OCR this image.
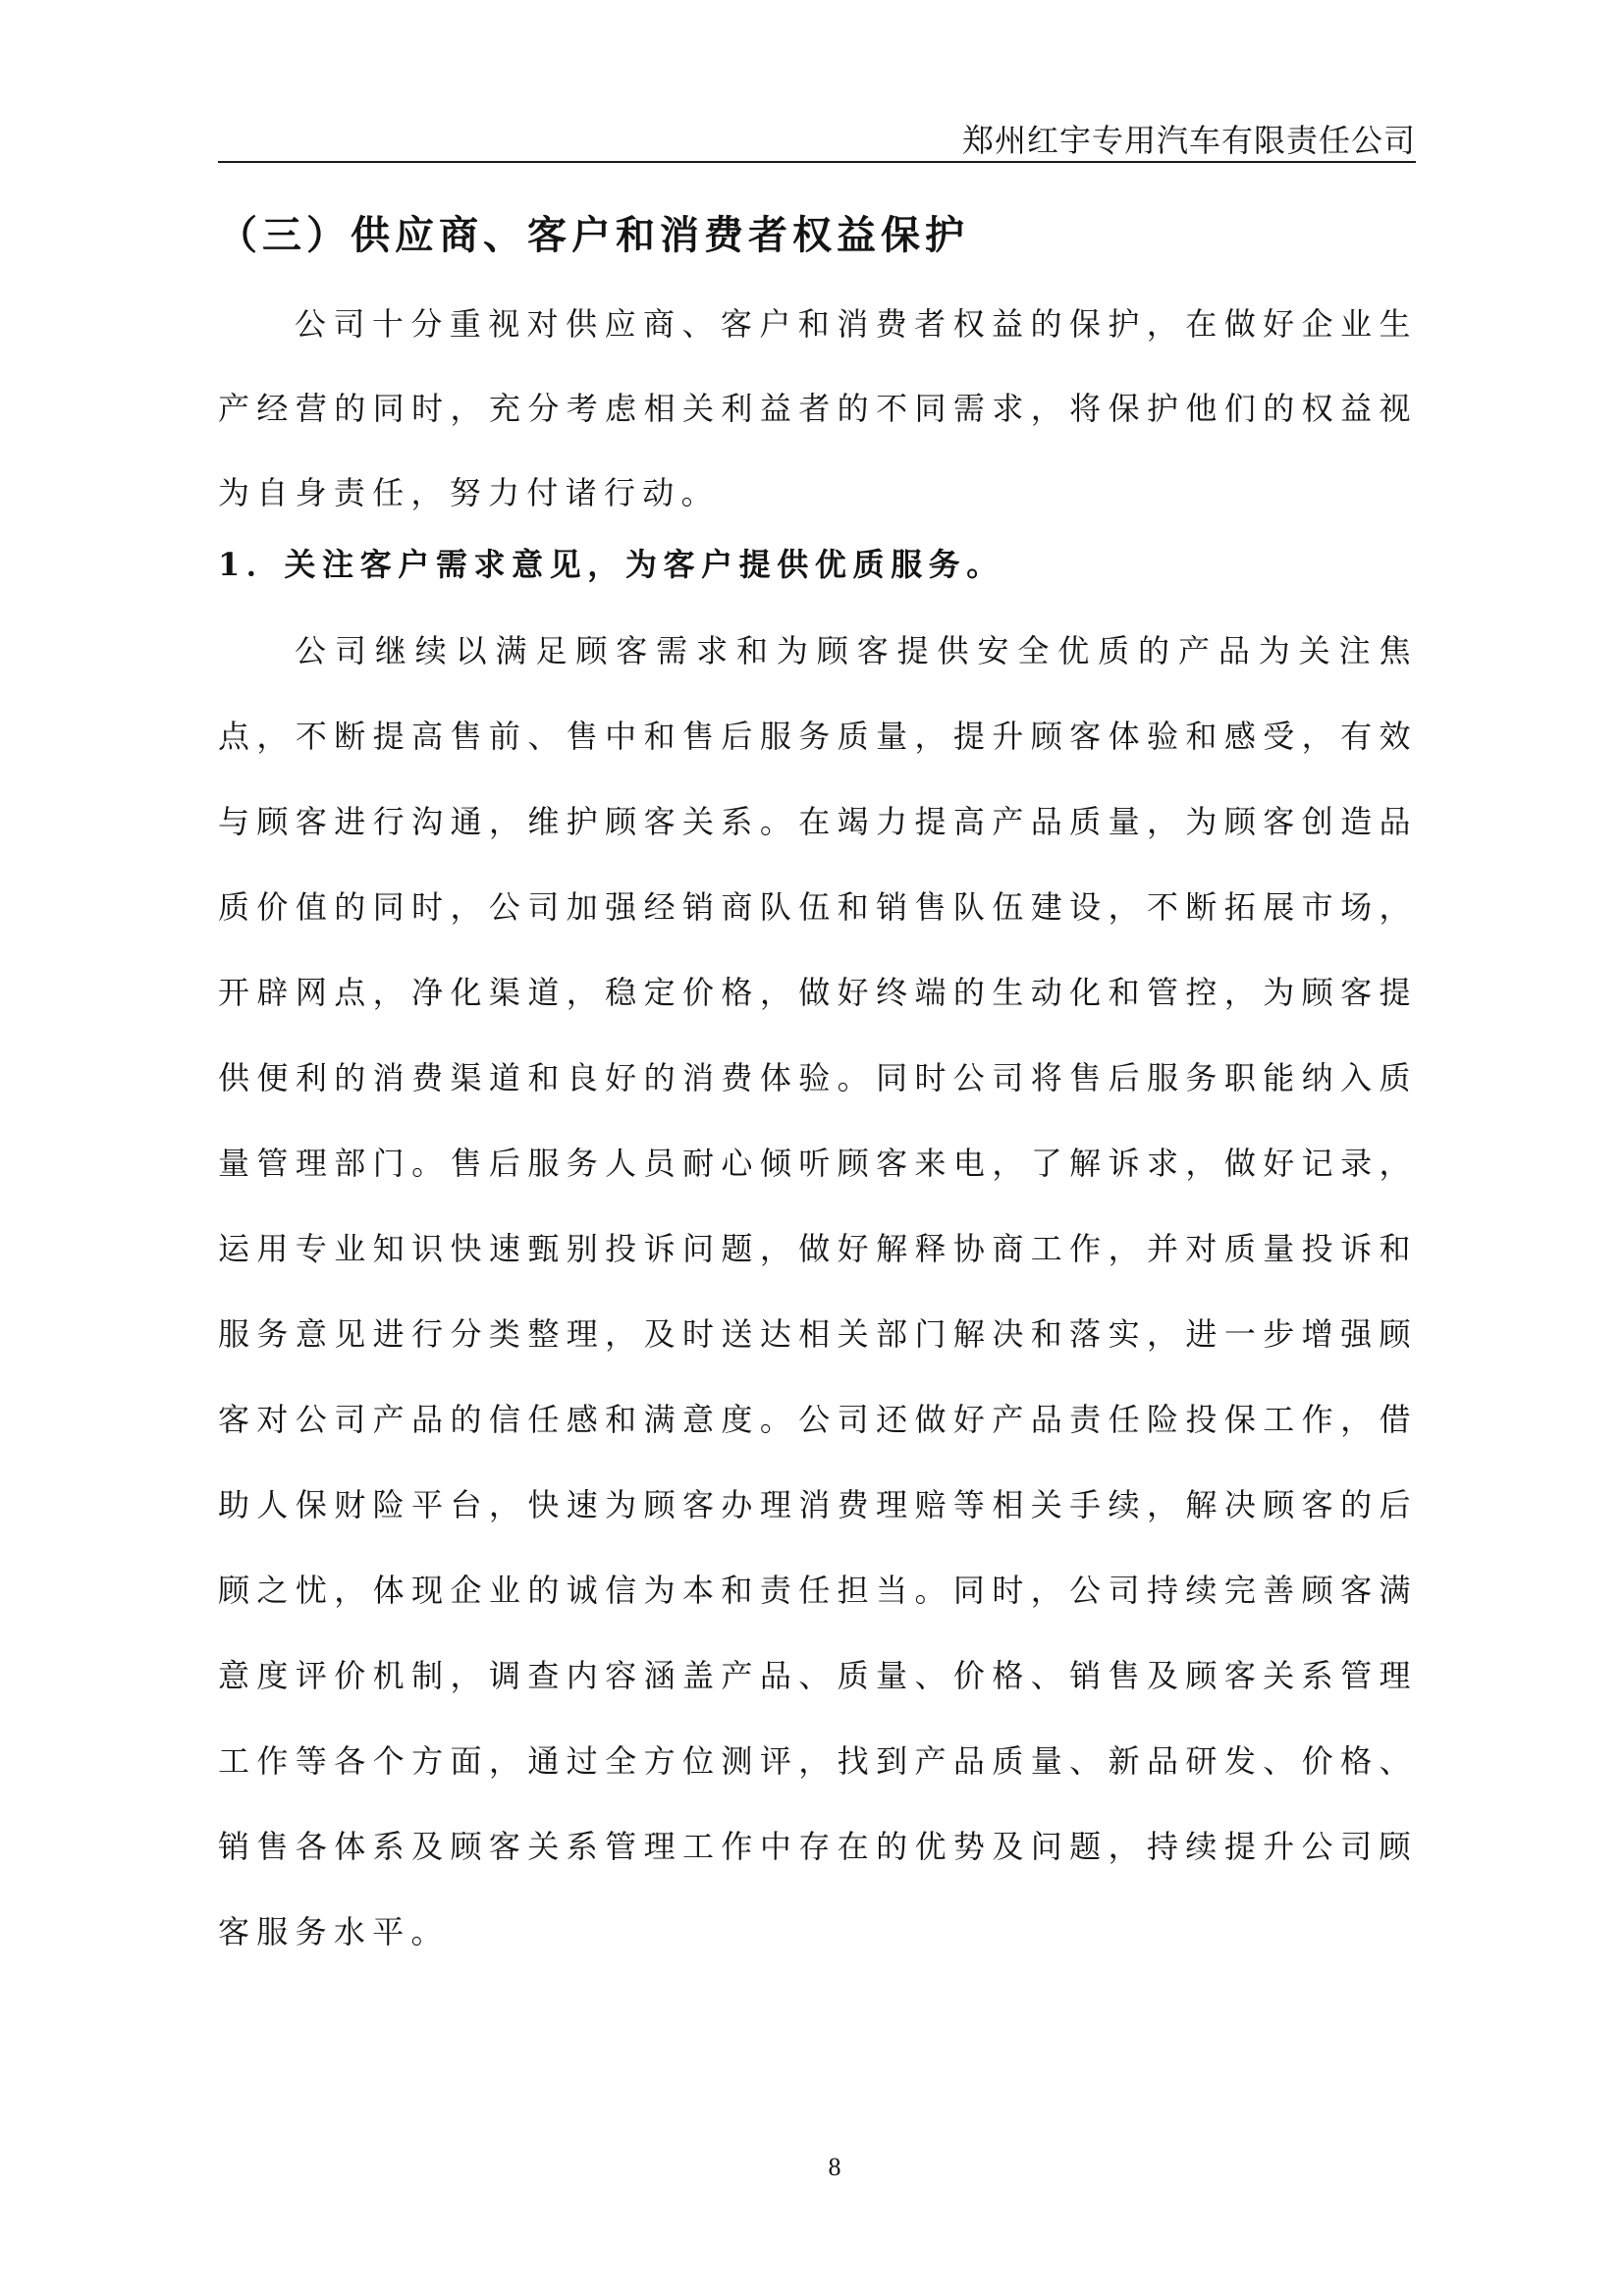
郑州红宇专用汽车有限责任公司
（三）供应商、客户和消费者权益保护
公司十分重视对供应商、客户和消费者权益的保护，在做好企业生
产经营的同时，充分考虑相关利益者的不同需求，将保护他们的权益视
为自身责任，努力付诸行动。
1．关注客户需求意见，为客户提供优质服务。
公司继续以满足顾客需求和为顾客提供安全优质的产品为关注焦
点，不断提高售前、售中和售后服务质量，提升顾客体验和感受，有效
与顾客进行沟通，维护顾客关系。在竭力提高产品质量，为顾客创造品
质价值的同时，公司加强经销商队伍和销售队伍建设，不断拓展市场，
开辟网点，净化渠道，稳定价格，做好终端的生动化和管控，为顾客提
供便利的消费渠道和良好的消费体验。同时公司将售后服务职能纳入质
量管理部门。售后服务人员耐心倾听顾客来电，了解诉求，做好记录，
运用专业知识快速甄别投诉问题，做好解释协商工作，并对质量投诉和
服务意见进行分类整理，及时送达相关部门解决和落实，进一步增强顾
客对公司产品的信任感和满意度。公司还做好产品责任险投保工作，借
助人保财险平台，快速为顾客办理消费理赔等相关手续，解决顾客的后
顾之忧，体现企业的诚信为本和责任担当。同时，公司持续完善顾客满
意度评价机制，调查内容涵盖产品、质量、价格、销售及顾客关系管理
工作等各个方面，通过全方位测评，找到产品质量、新品研发、价格、
销售各体系及顾客关系管理工作中存在的优势及问题，持续提升公司顾
客服务水平。
8
